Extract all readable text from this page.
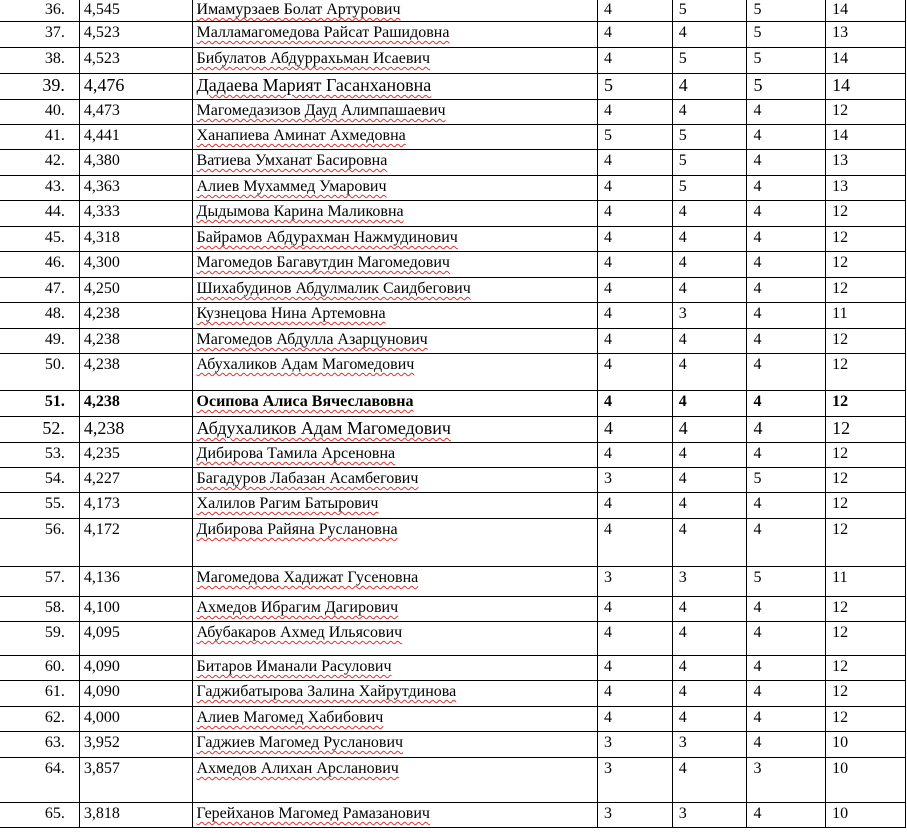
36.	4,545	Имамурзаев Болат Артурович	4	5	5	14
37.	4,523	Малламагомедова Райсат Рашидовна	4	4	5	13
38.	4,523	Бибулатов Абдуррахьман Исаевич	4	5	5	14
39.	4,476	Дадаева Марият Гасанхановна	5	4	5	14
40.	4,473	Магомедазизов Дауд Алимпашаевич	4	4	4	12
41.	4,441	Ханапиева Аминат Ахмедовна	5	5	4	14
42.	4,380	Ватиева Умханат Басировна	4	5	4	13
43.	4,363	Алиев Мухаммед Умарович	4	5	4	13
44.	4,333	Дыдымова Карина Маликовна	4	4	4	12
45.	4,318	Байрамов Абдурахман Нажмудинович	4	4	4	12
46.	4,300	Магомедов Багавутдин Магомедович	4	4	4	12
47.	4,250	Шихабудинов Абдулмалик Саидбегович	4	4	4	12
48.	4,238	Кузнецова Нина Артемовна	4	3	4	11
49.	4,238	Магомедов Абдулла Азарцунович	4	4	4	12
50.	4,238	Абухаликов Адам Магомедович	4	4	4	12
51.	4,238	Осипова Алиса Вячеславовна	4	4	4	12
52.	4,238	Абдухаликов Адам Магомедович	4	4	4	12
53.	4,235	Дибирова Тамила Арсеновна	4	4	4	12
54.	4,227	Багадуров Лабазан Асамбегович	3	4	5	12
55.	4,173	Халилов Рагим Батырович	4	4	4	12
56.	4,172	Дибирова Райяна Руслановна	4	4	4	12
57.	4,136	Магомедова Хадижат Гусеновна	3	3	5	11
58.	4,100	Ахмедов Ибрагим Дагирович	4	4	4	12
59.	4,095	Абубакаров Ахмед Ильясович	4	4	4	12
60.	4,090	Битаров Иманали Расулович	4	4	4	12
61.	4,090	Гаджибатырова Залина Хайрутдинова	4	4	4	12
62.	4,000	Алиев Магомед Хабибович	4	4	4	12
63.	3,952	Гаджиев Магомед Русланович	3	3	4	10
64.	3,857	Ахмедов Алихан Арсланович	3	4	3	10
65.	3,818	Герейханов Магомед Рамазанович	3	3	4	10
